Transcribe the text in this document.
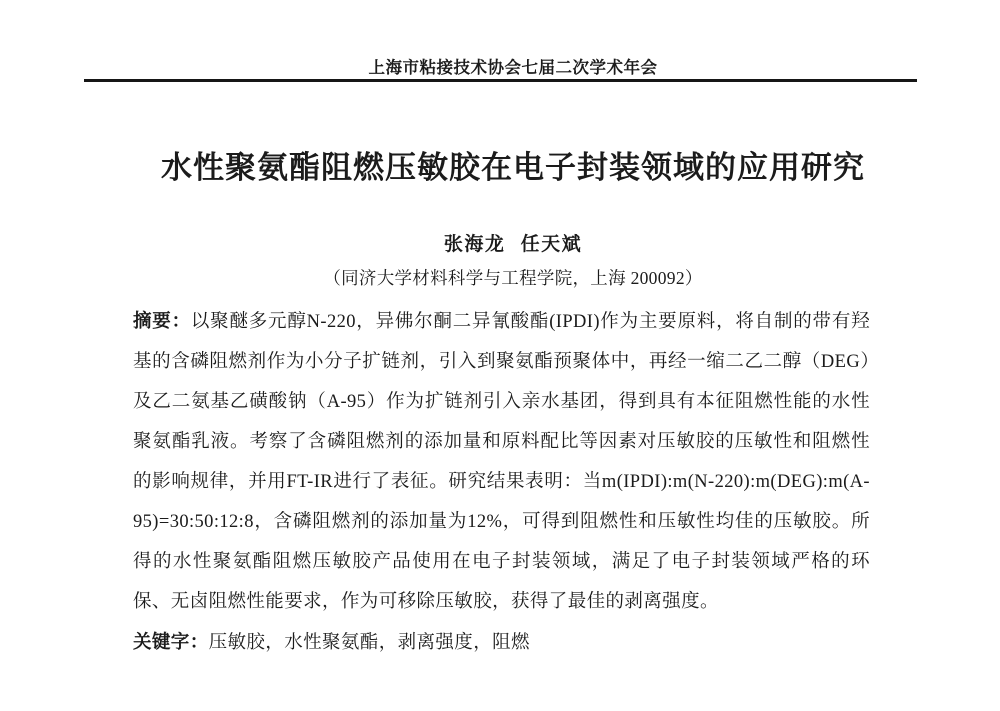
上海市粘接技术协会七届二次学术年会
水性聚氨酯阻燃压敏胶在电子封装领域的应用研究
张海龙 任天斌
（同济大学材料科学与工程学院，上海 200092）

摘要：以聚醚多元醇N-220，异佛尔酮二异氰酸酯(IPDI)作为主要原料，将自制的带有羟基的含磷阻燃剂作为小分子扩链剂，引入到聚氨酯预聚体中，再经一缩二乙二醇（DEG）及乙二氨基乙磺酸钠（A-95）作为扩链剂引入亲水基团，得到具有本征阻燃性能的水性聚氨酯乳液。考察了含磷阻燃剂的添加量和原料配比等因素对压敏胶的压敏性和阻燃性的影响规律，并用FT-IR进行了表征。研究结果表明：当m(IPDI):m(N-220):m(DEG):m(A-95)=30:50:12:8，含磷阻燃剂的添加量为12%，可得到阻燃性和压敏性均佳的压敏胶。所得的水性聚氨酯阻燃压敏胶产品使用在电子封装领域，满足了电子封装领域严格的环保、无卤阻燃性能要求，作为可移除压敏胶，获得了最佳的剥离强度。

关键字：压敏胶，水性聚氨酯，剥离强度，阻燃
